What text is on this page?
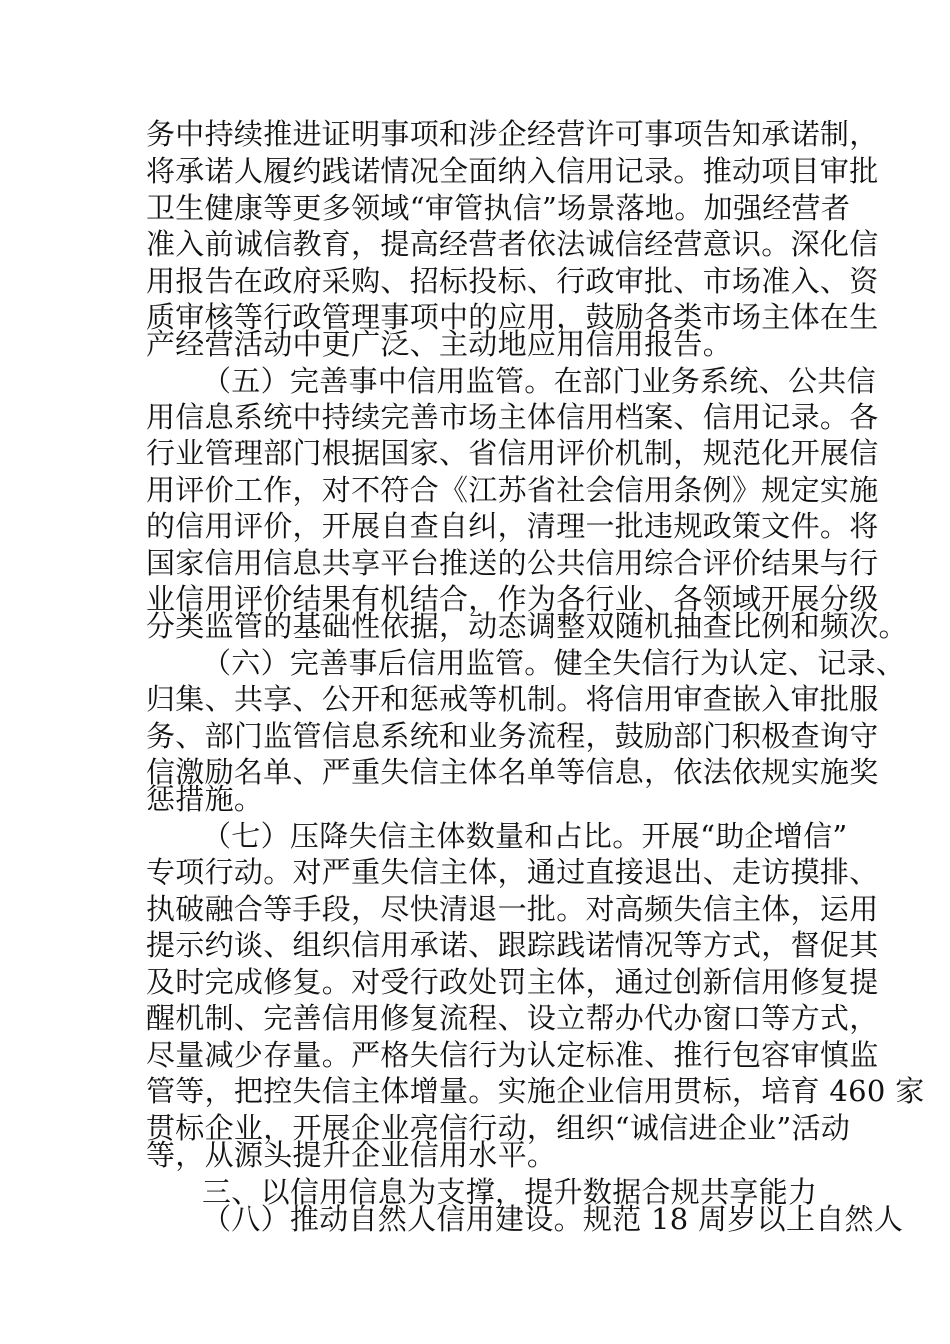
务中持续推进证明事项和涉企经营许可事项告知承诺制，
将承诺人履约践诺情况全面纳入信用记录。推动项目审批
卫生健康等更多领域“审管执信”场景落地。加强经营者
准入前诚信教育，提高经营者依法诚信经营意识。深化信
用报告在政府采购、招标投标、行政审批、市场准入、资
质审核等行政管理事项中的应用，鼓励各类市场主体在生
产经营活动中更广泛、主动地应用信用报告。
（五）完善事中信用监管。在部门业务系统、公共信
用信息系统中持续完善市场主体信用档案、信用记录。各
行业管理部门根据国家、省信用评价机制，规范化开展信
用评价工作，对不符合《江苏省社会信用条例》规定实施
的信用评价，开展自查自纠，清理一批违规政策文件。将
国家信用信息共享平台推送的公共信用综合评价结果与行
业信用评价结果有机结合，作为各行业、各领域开展分级
分类监管的基础性依据，动态调整双随机抽查比例和频次。
（六）完善事后信用监管。健全失信行为认定、记录、
归集、共享、公开和惩戒等机制。将信用审查嵌入审批服
务、部门监管信息系统和业务流程，鼓励部门积极查询守
信激励名单、严重失信主体名单等信息，依法依规实施奖
惩措施。
（七）压降失信主体数量和占比。开展“助企增信”
专项行动。对严重失信主体，通过直接退出、走访摸排、
执破融合等手段，尽快清退一批。对高频失信主体，运用
提示约谈、组织信用承诺、跟踪践诺情况等方式，督促其
及时完成修复。对受行政处罚主体，通过创新信用修复提
醒机制、完善信用修复流程、设立帮办代办窗口等方式，
尽量减少存量。严格失信行为认定标准、推行包容审慎监
管等，把控失信主体增量。实施企业信用贯标，培育 460 家
贯标企业，开展企业亮信行动，组织“诚信进企业”活动
等，从源头提升企业信用水平。
三、以信用信息为支撑，提升数据合规共享能力
（八）推动自然人信用建设。规范 18 周岁以上自然人
